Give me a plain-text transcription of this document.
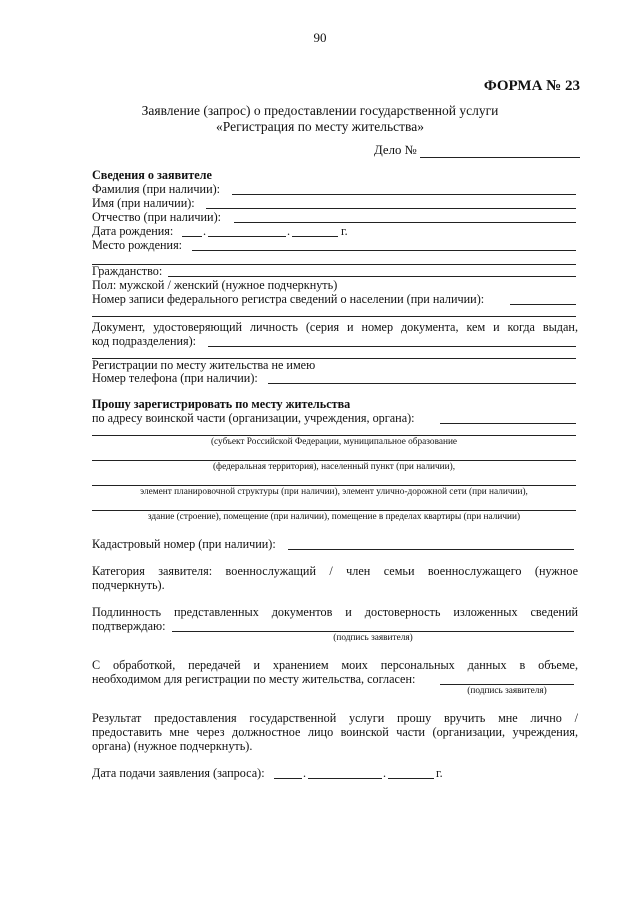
90
ФОРМА № 23
Заявление (запрос) о предоставлении государственной услуги
«Регистрация по месту жительства»
Дело №
Сведения о заявителе
Фамилия (при наличии):
Имя (при наличии):
Отчество (при наличии):
Дата рождения: .	.	г.
Место рождения:
Гражданство:
Пол: мужской / женский (нужное подчеркнуть)
Номер записи федерального регистра сведений о населении (при наличии):
Документ, удостоверяющий личность (серия и номер документа, кем и когда выдан,
код подразделения):
Регистрации по месту жительства не имею
Номер телефона (при наличии):
Прошу зарегистрировать по месту жительства
по адресу воинской части (организации, учреждения, органа):
(субъект Российской Федерации, муниципальное образование
(федеральная территория), населенный пункт (при наличии),
элемент планировочной структуры (при наличии), элемент улично-дорожной сети (при наличии),
здание (строение), помещение (при наличии), помещение в пределах квартиры (при наличии)
Кадастровый номер (при наличии):
Категория заявителя: военнослужащий / член семьи военнослужащего (нужное
подчеркнуть).
Подлинность представленных документов и достоверность изложенных сведений
подтверждаю:
(подпись заявителя)
С обработкой, передачей и хранением моих персональных данных в объеме,
необходимом для регистрации по месту жительства, согласен:
(подпись заявителя)
Результат предоставления государственной услуги прошу вручить мне лично /
предоставить мне через должностное лицо воинской части (организации, учреждения,
органа) (нужное подчеркнуть).
Дата подачи заявления (запроса):	.	.	г.
